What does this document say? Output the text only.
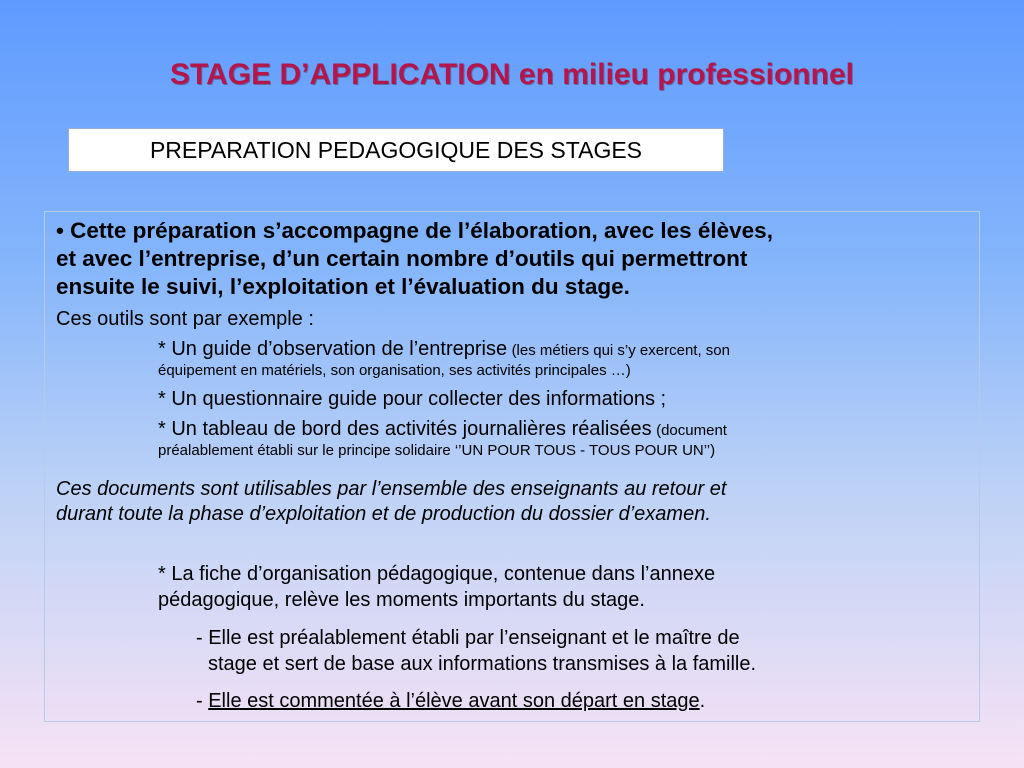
STAGE D’APPLICATION en milieu professionnel
PREPARATION PEDAGOGIQUE DES STAGES
• Cette préparation s’accompagne de l’élaboration, avec les élèves,
et avec l’entreprise, d’un certain nombre d’outils qui permettront
ensuite le suivi, l’exploitation et l’évaluation du stage.
Ces outils sont par exemple :
* Un guide d’observation de l’entreprise (les métiers qui s’y exercent, son
équipement en matériels, son organisation, ses activités principales …)
* Un questionnaire guide pour collecter des informations ;
* Un tableau de bord des activités journalières réalisées (document
préalablement établi sur le principe solidaire ‘’UN POUR TOUS - TOUS POUR UN’’)
Ces documents sont utilisables par l’ensemble des enseignants au retour et
durant toute la phase d’exploitation et de production du dossier d’examen.
* La fiche d’organisation pédagogique, contenue dans l’annexe
pédagogique, relève les moments importants du stage.
- Elle est préalablement établi par l’enseignant et le maître de
stage et sert de base aux informations transmises à la famille.
- Elle est commentée à l’élève avant son départ en stage.
